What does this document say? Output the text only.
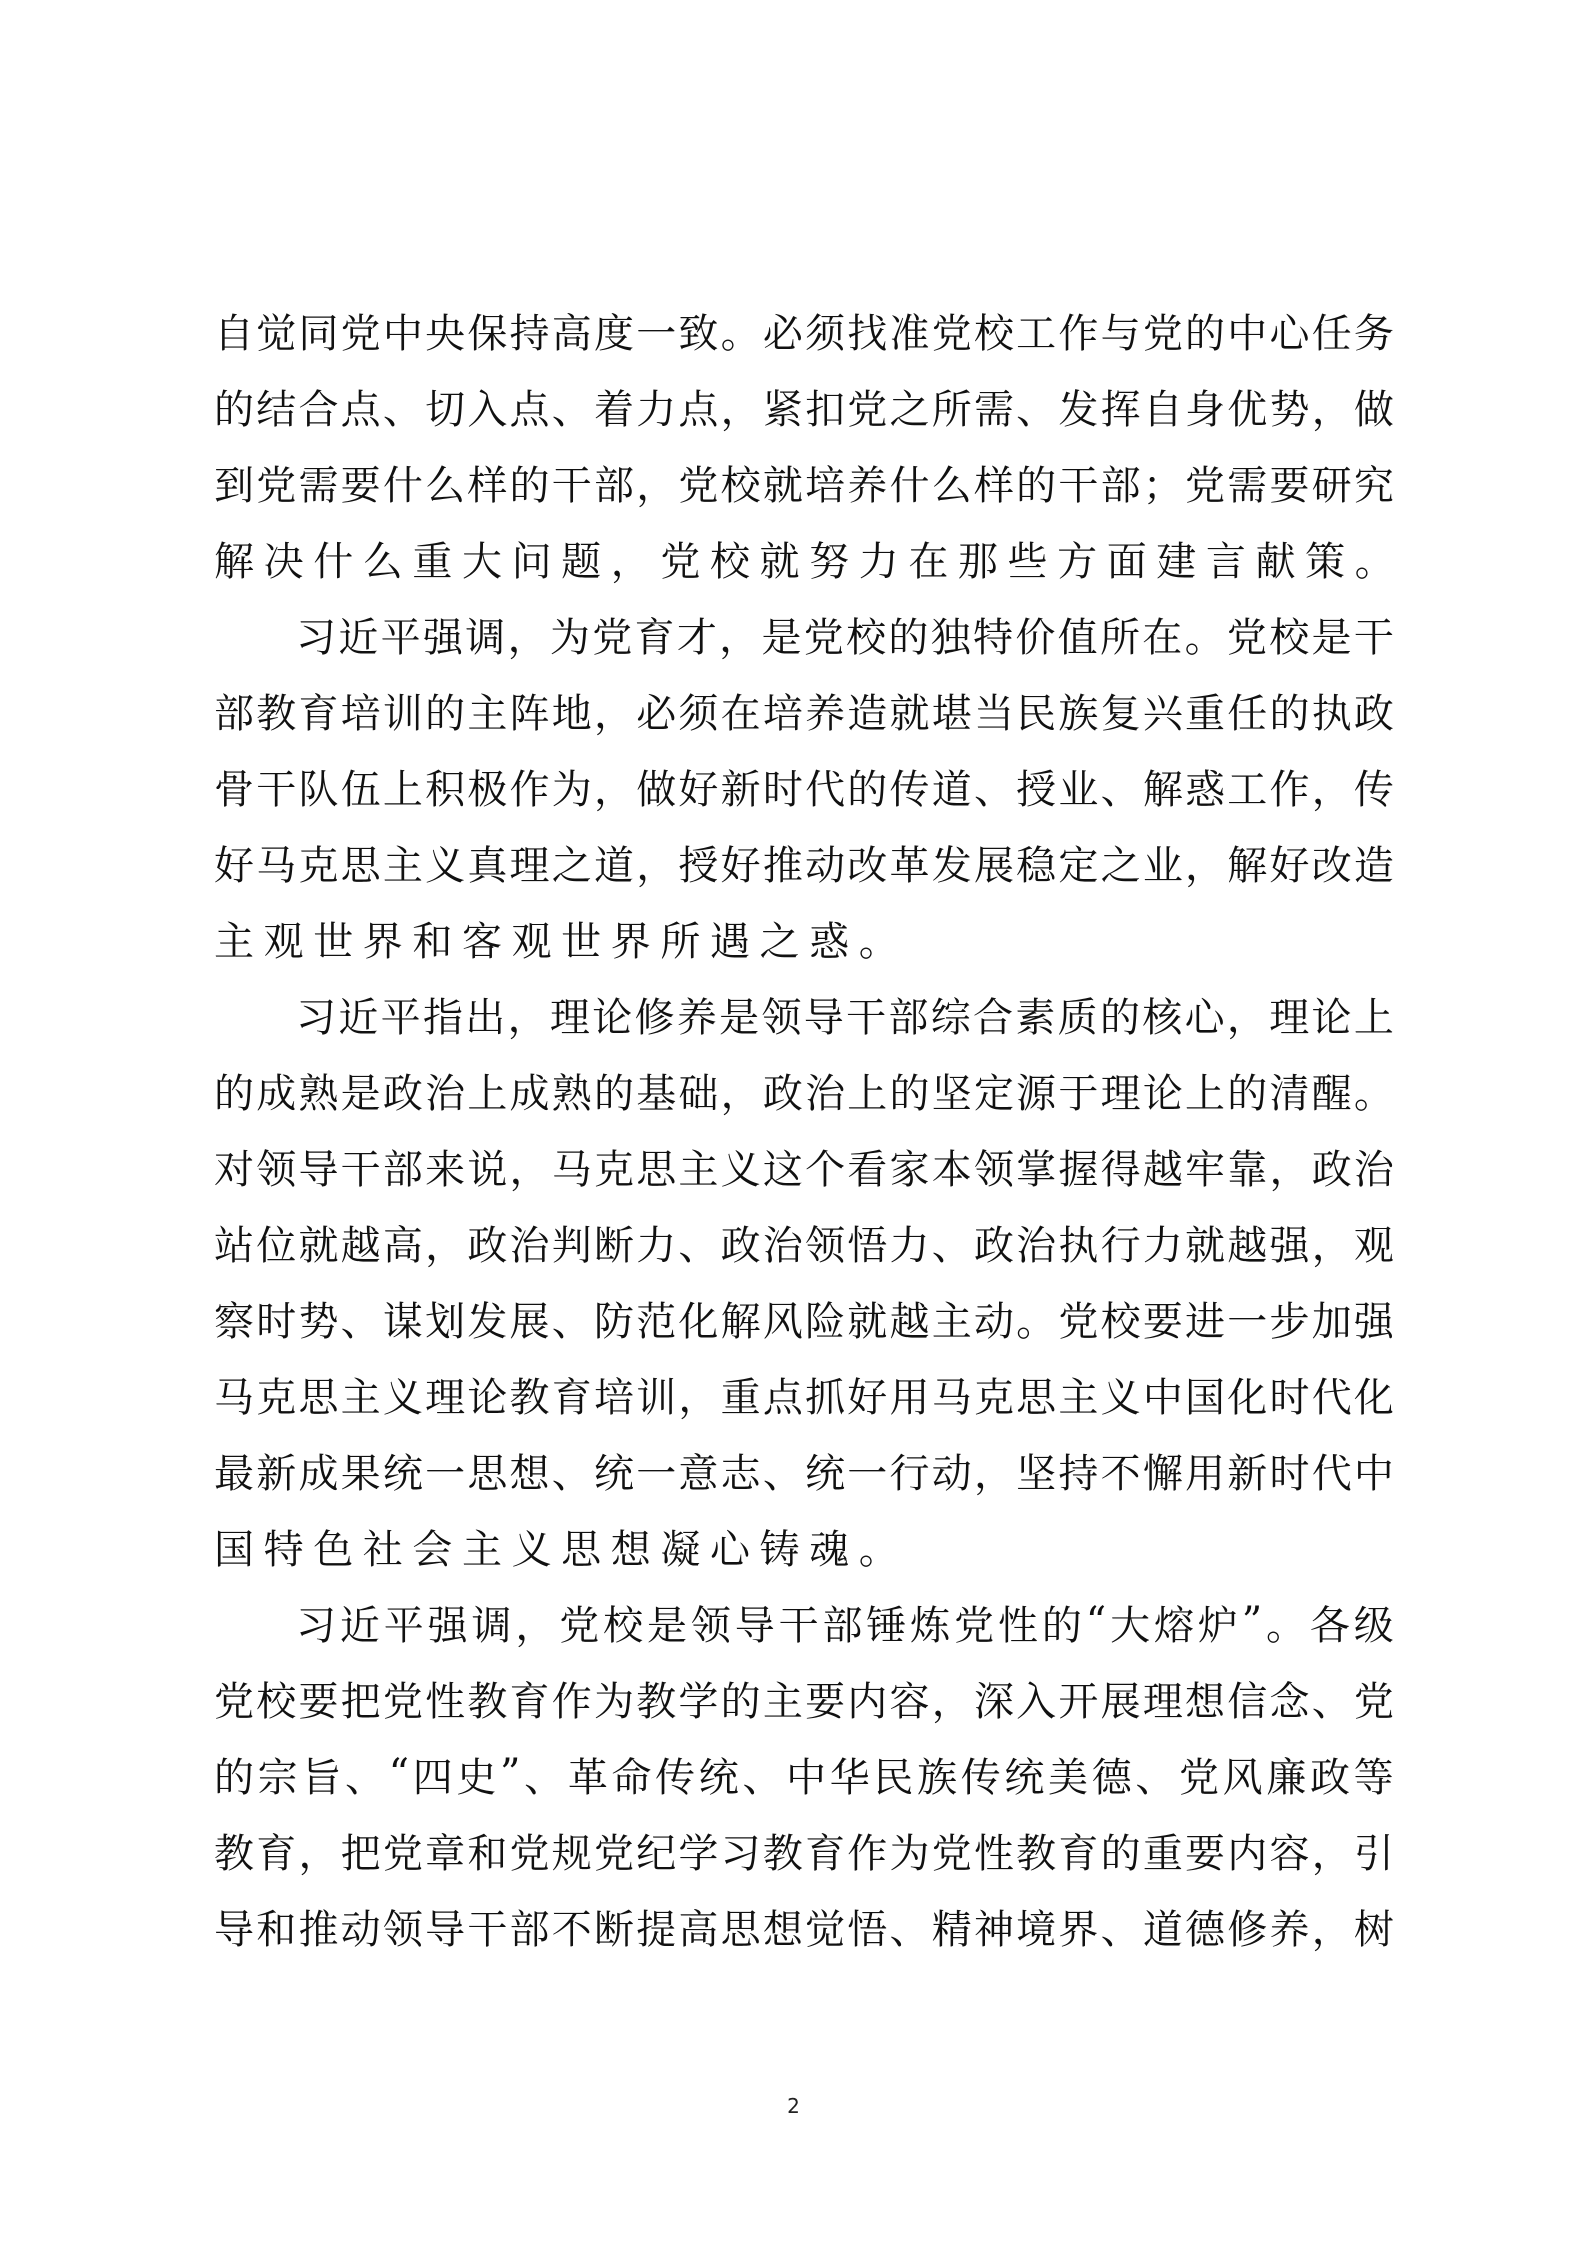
自 觉 同 党 中 央 保 持 高 度 一 致 。 必 须 找 准 党 校 工 作 与 党 的 中 心 任 务
的 结 合 点 、 切 入 点 、 着 力 点 ， 紧 扣 党 之 所 需 、 发 挥 自 身 优 势 ， 做
到 党 需 要 什 么 样 的 干 部 ， 党 校 就 培 养 什 么 样 的 干 部 ； 党 需 要 研 究
解 决 什 么 重 大 问 题 ， 党 校 就 努 力 在 那 些 方 面 建 言 献 策 。
习 近 平 强 调 ， 为 党 育 才 ， 是 党 校 的 独 特 价 值 所 在 。 党 校 是 干
部 教 育 培 训 的 主 阵 地 ， 必 须 在 培 养 造 就 堪 当 民 族 复 兴 重 任 的 执 政
骨 干 队 伍 上 积 极 作 为 ， 做 好 新 时 代 的 传 道 、 授 业 、 解 惑 工 作 ， 传
好 马 克 思 主 义 真 理 之 道 ， 授 好 推 动 改 革 发 展 稳 定 之 业 ， 解 好 改 造
主 观 世 界 和 客 观 世 界 所 遇 之 惑 。
习 近 平 指 出 ， 理 论 修 养 是 领 导 干 部 综 合 素 质 的 核 心 ， 理 论 上
的 成 熟 是 政 治 上 成 熟 的 基 础 ， 政 治 上 的 坚 定 源 于 理 论 上 的 清 醒 。
对 领 导 干 部 来 说 ， 马 克 思 主 义 这 个 看 家 本 领 掌 握 得 越 牢 靠 ， 政 治
站 位 就 越 高 ， 政 治 判 断 力 、 政 治 领 悟 力 、 政 治 执 行 力 就 越 强 ， 观
察 时 势 、 谋 划 发 展 、 防 范 化 解 风 险 就 越 主 动 。 党 校 要 进 一 步 加 强
马 克 思 主 义 理 论 教 育 培 训 ， 重 点 抓 好 用 马 克 思 主 义 中 国 化 时 代 化
最 新 成 果 统 一 思 想 、 统 一 意 志 、 统 一 行 动 ， 坚 持 不 懈 用 新 时 代 中
国 特 色 社 会 主 义 思 想 凝 心 铸 魂 。
习 近 平 强 调 ， 党 校 是 领 导 干 部 锤 炼 党 性 的 “ 大 熔 炉 ” 。 各 级
党 校 要 把 党 性 教 育 作 为 教 学 的 主 要 内 容 ， 深 入 开 展 理 想 信 念 、 党
的 宗 旨 、 “ 四 史 ” 、 革 命 传 统 、 中 华 民 族 传 统 美 德 、 党 风 廉 政 等
教 育 ， 把 党 章 和 党 规 党 纪 学 习 教 育 作 为 党 性 教 育 的 重 要 内 容 ， 引
导 和 推 动 领 导 干 部 不 断 提 高 思 想 觉 悟 、 精 神 境 界 、 道 德 修 养 ， 树
2
